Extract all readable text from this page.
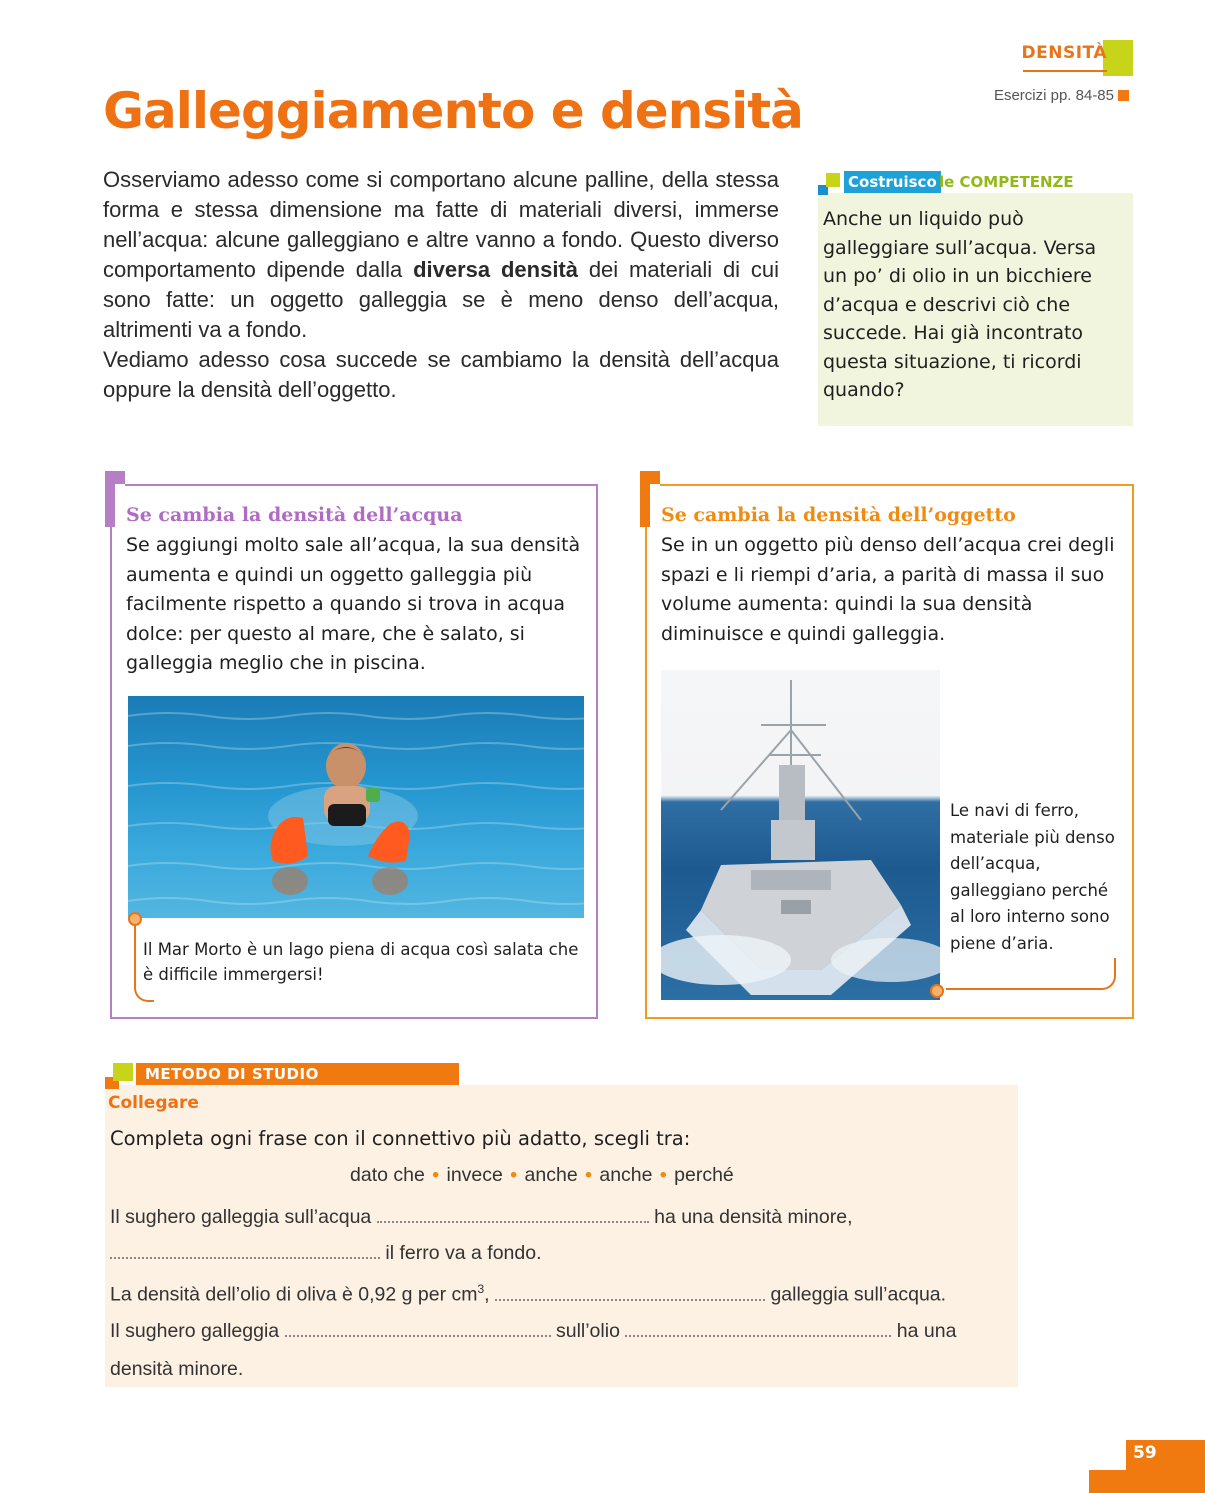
DENSITÀ
Esercizi pp. 84-85
Galleggiamento e densità

Osserviamo adesso come si comportano alcune palline, della stessa forma e stessa dimensione ma fatte di materiali diversi, immerse nell’acqua: alcune galleggiano e altre vanno a fondo. Questo diverso comportamento dipende dalla diversa densità dei materiali di cui sono fatte: un oggetto galleggia se è meno denso dell’acqua, altrimenti va a fondo.
Vediamo adesso cosa succede se cambiamo la densità dell’acqua oppure la densità dell’oggetto.

Costruisco le COMPETENZE

Anche un liquido può galleggiare sull’acqua. Versa un po’ di olio in un bicchiere d’acqua e descrivi ciò che succede. Hai già incontrato questa situazione, ti ricordi quando?

Se cambia la densità dell’acqua

Se aggiungi molto sale all’acqua, la sua densità aumenta e quindi un oggetto galleggia più facilmente rispetto a quando si trova in acqua dolce: per questo al mare, che è salato, si galleggia meglio che in piscina.

Il Mar Morto è un lago piena di acqua così salata che è difficile immergersi!

Se cambia la densità dell’oggetto

Se in un oggetto più denso dell’acqua crei degli spazi e li riempi d’aria, a parità di massa il suo volume aumenta: quindi la sua densità diminuisce e quindi galleggia.

Le navi di ferro, materiale più denso dell’acqua, galleggiano perché al loro interno sono piene d’aria.

METODO DI STUDIO
Collegare
Completa ogni frase con il connettivo più adatto, scegli tra:
dato che • invece • anche • anche • perché
Il sughero galleggia sull’acqua	ha una densità minore,
il ferro va a fondo.
La densità dell’olio di oliva è 0,92 g per $cm^3$,	galleggia sull’acqua.
Il sughero galleggia	sull’olio	ha una
densità minore.
59
